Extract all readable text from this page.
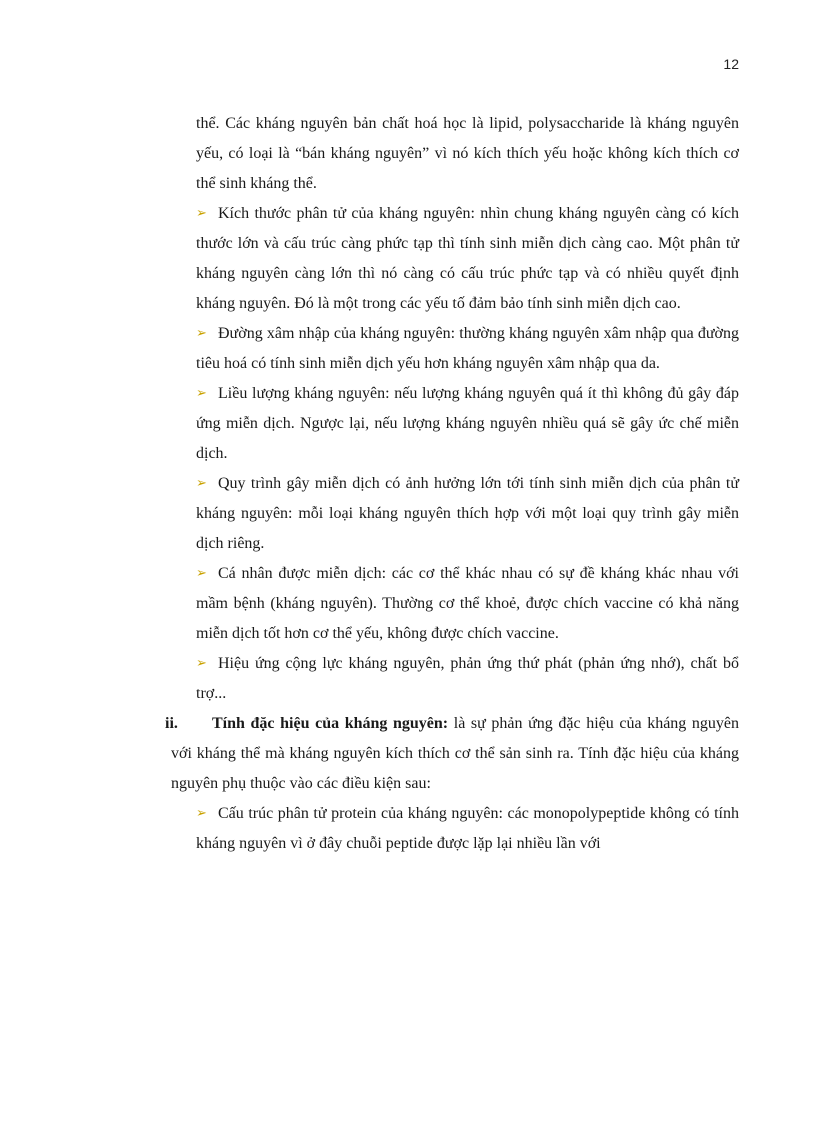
12

thể. Các kháng nguyên bản chất hoá học là lipid, polysaccharide là kháng nguyên yếu, có loại là “bán kháng nguyên” vì nó kích thích yếu hoặc không kích thích cơ thể sinh kháng thể.

➢ Kích thước phân tử của kháng nguyên: nhìn chung kháng nguyên càng có kích thước lớn và cấu trúc càng phức tạp thì tính sinh miễn dịch càng cao. Một phân tử kháng nguyên càng lớn thì nó càng có cấu trúc phức tạp và có nhiều quyết định kháng nguyên. Đó là một trong các yếu tố đảm bảo tính sinh miễn dịch cao.

➢ Đường xâm nhập của kháng nguyên: thường kháng nguyên xâm nhập qua đường tiêu hoá có tính sinh miễn dịch yếu hơn kháng nguyên xâm nhập qua da.

➢ Liều lượng kháng nguyên: nếu lượng kháng nguyên quá ít thì không đủ gây đáp ứng miễn dịch. Ngược lại, nếu lượng kháng nguyên nhiều quá sẽ gây ức chế miễn dịch.

➢ Quy trình gây miễn dịch có ảnh hưởng lớn tới tính sinh miễn dịch của phân tử kháng nguyên: mỗi loại kháng nguyên thích hợp với một loại quy trình gây miễn dịch riêng.

➢ Cá nhân được miễn dịch: các cơ thể khác nhau có sự đề kháng khác nhau với mầm bệnh (kháng nguyên). Thường cơ thể khoẻ, được chích vaccine có khả năng miễn dịch tốt hơn cơ thể yếu, không được chích vaccine.

➢ Hiệu ứng cộng lực kháng nguyên, phản ứng thứ phát (phản ứng nhớ), chất bổ trợ...

ii.	Tính đặc hiệu của kháng nguyên: là sự phản ứng đặc hiệu của kháng nguyên với kháng thể mà kháng nguyên kích thích cơ thể sản sinh ra. Tính đặc hiệu của kháng nguyên phụ thuộc vào các điều kiện sau:

➢ Cấu trúc phân tử protein của kháng nguyên: các monopolypeptide không có tính kháng nguyên vì ở đây chuỗi peptide được lặp lại nhiều lần với
